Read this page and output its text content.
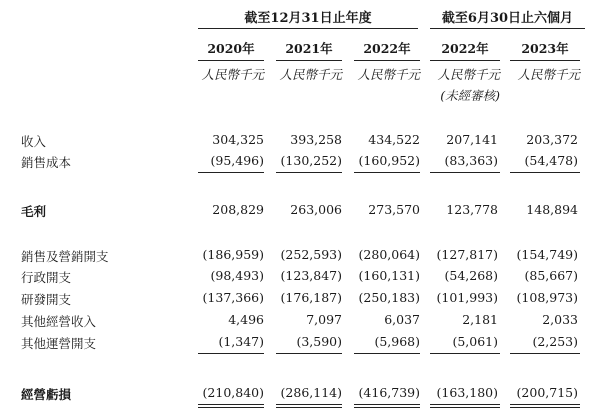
截至12月31日止年度	截至6月30日止六個月
2020年	2021年	2022年	2022年	2023年
人民幣千元	人民幣千元	人民幣千元	人民幣千元	人民幣千元
(未經審核)
收入	304,325	393,258	434,522	207,141	203,372
銷售成本	(95,496)	(130,252)	(160,952)	(83,363)	(54,478)
毛利	208,829	263,006	273,570	123,778	148,894
銷售及營銷開支	(186,959)	(252,593)	(280,064)	(127,817)	(154,749)
行政開支	(98,493)	(123,847)	(160,131)	(54,268)	(85,667)
研發開支	(137,366)	(176,187)	(250,183)	(101,993)	(108,973)
其他經營收入	4,496	7,097	6,037	2,181	2,033
其他運營開支	(1,347)	(3,590)	(5,968)	(5,061)	(2,253)
經營虧損	(210,840)	(286,114)	(416,739)	(163,180)	(200,715)
